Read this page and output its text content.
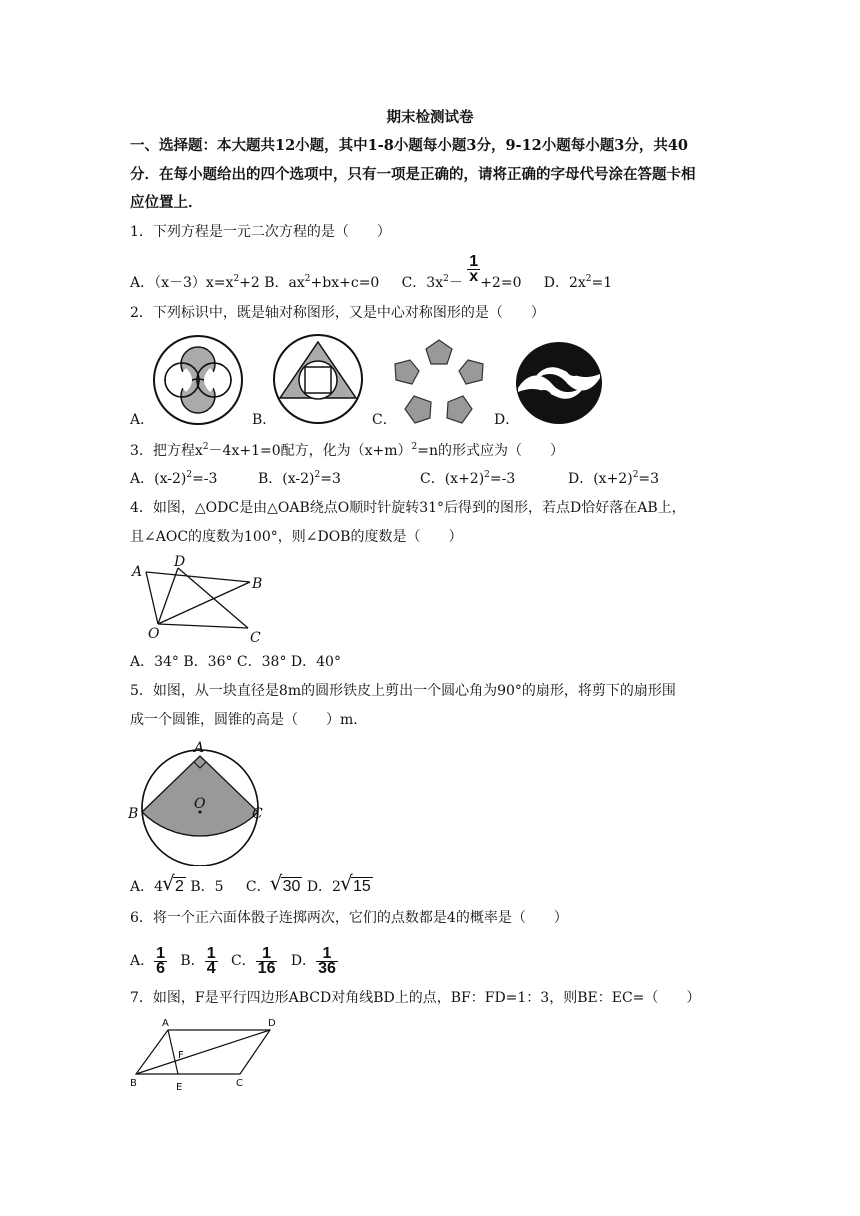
期末检测试卷
一、选择题：本大题共12小题，其中1-8小题每小题3分，9-12小题每小题3分，共40
分．在每小题给出的四个选项中，只有一项是正确的，请将正确的字母代号涂在答题卡相
应位置上．
1．下列方程是一元二次方程的是（　　）
A．$(x-3)x=x^2+2$ B．$ax^2+bx+c=0$ C．$3x^2- \frac{1}{x} +2=0$ D．$2x^2=1$
2．下列标识中，既是轴对称图形，又是中心对称图形的是（　　）
A．	B．	C．	D．
3．把方程$x^2-4x+1=0$配方，化为$(x+m)^2=n$的形式应为（　　）
A．$(x-2)^2=-3$	B．$(x-2)^2=3$	C．$(x+2)^2=-3$	D．$(x+2)^2=3$
4．如图，△ODC是由△OAB绕点O顺时针旋转31°后得到的图形，若点D恰好落在AB上，
且∠AOC的度数为100°，则∠DOB的度数是（　　）
A
D
B
O	C
A．34° B．36° C．38° D．40°
5．如图，从一块直径是8m的圆形铁皮上剪出一个圆心角为90°的扇形，将剪下的扇形围
成一个圆锥，圆锥的高是（　　）m．
A
B
O
C
A．4 √ 2 B．5 C． √ 30 D．2 √ 15
6．将一个正六面体骰子连掷两次，它们的点数都是4的概率是（　　）
A． $\frac{1}{6}$ B． $\frac{1}{4}$ C． $\frac{1}{16}$ D． $\frac{1}{36}$
7．如图，F是平行四边形ABCD对角线BD上的点，BF：FD=1：3，则BE：EC=（　　）
A	D
F
B	E	C
